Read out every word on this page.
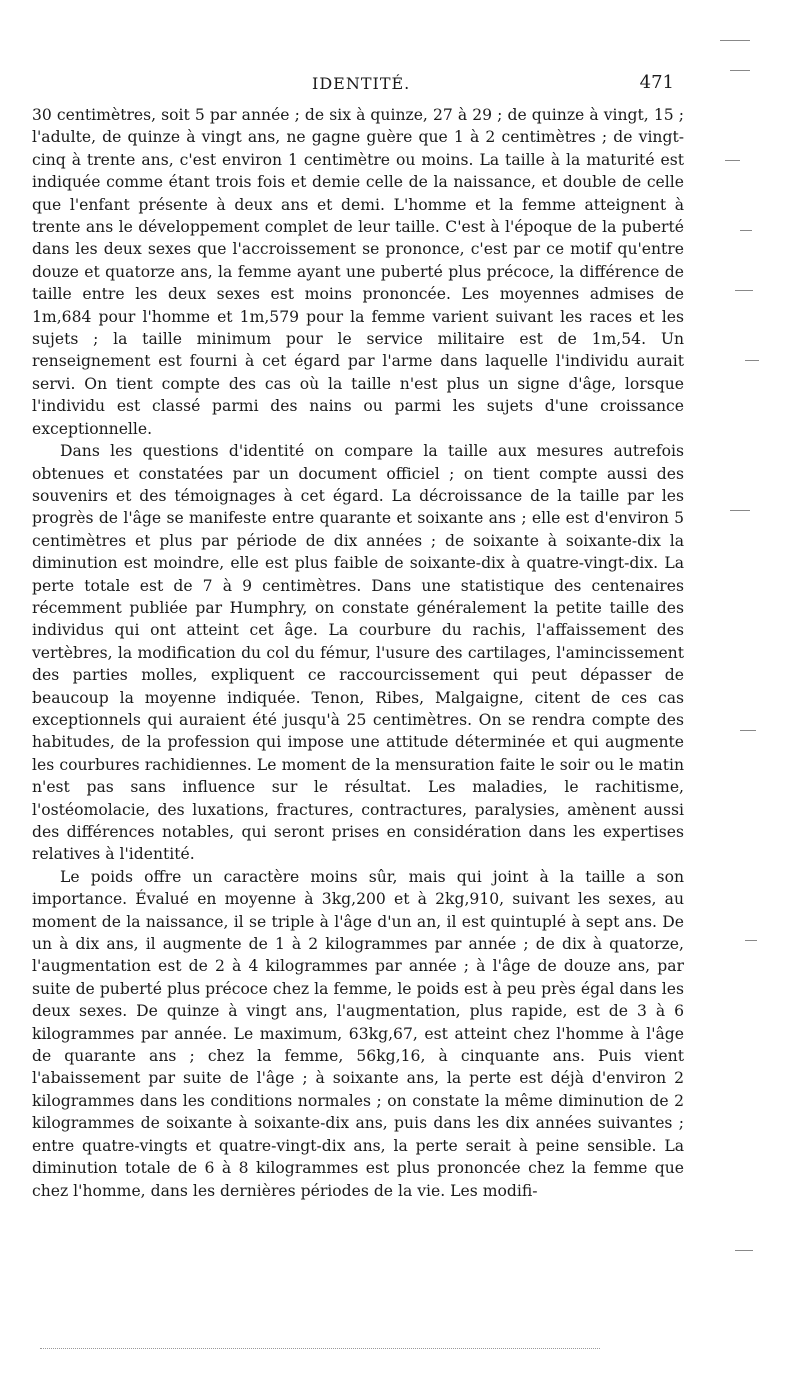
IDENTITÉ.	471

30 centimètres, soit 5 par année ; de six à quinze, 27 à 29 ; de quinze à vingt, 15 ; l'adulte, de quinze à vingt ans, ne gagne guère que 1 à 2 centimètres ; de vingt-cinq à trente ans, c'est environ 1 centimètre ou moins. La taille à la maturité est indiquée comme étant trois fois et demie celle de la naissance, et double de celle que l'enfant présente à deux ans et demi. L'homme et la femme atteignent à trente ans le développement complet de leur taille. C'est à l'époque de la puberté dans les deux sexes que l'accroissement se prononce, c'est par ce motif qu'entre douze et quatorze ans, la femme ayant une puberté plus précoce, la différence de taille entre les deux sexes est moins prononcée. Les moyennes admises de 1m,684 pour l'homme et 1m,579 pour la femme varient suivant les races et les sujets ; la taille minimum pour le service militaire est de 1m,54. Un renseignement est fourni à cet égard par l'arme dans laquelle l'individu aurait servi. On tient compte des cas où la taille n'est plus un signe d'âge, lorsque l'individu est classé parmi des nains ou parmi les sujets d'une croissance exceptionnelle.

Dans les questions d'identité on compare la taille aux mesures autrefois obtenues et constatées par un document officiel ; on tient compte aussi des souvenirs et des témoignages à cet égard. La décroissance de la taille par les progrès de l'âge se manifeste entre quarante et soixante ans ; elle est d'environ 5 centimètres et plus par période de dix années ; de soixante à soixante-dix la diminution est moindre, elle est plus faible de soixante-dix à quatre-vingt-dix. La perte totale est de 7 à 9 centimètres. Dans une statistique des centenaires récemment publiée par Humphry, on constate généralement la petite taille des individus qui ont atteint cet âge. La courbure du rachis, l'affaissement des vertèbres, la modification du col du fémur, l'usure des cartilages, l'amincissement des parties molles, expliquent ce raccourcissement qui peut dépasser de beaucoup la moyenne indiquée. Tenon, Ribes, Malgaigne, citent de ces cas exceptionnels qui auraient été jusqu'à 25 centimètres. On se rendra compte des habitudes, de la profession qui impose une attitude déterminée et qui augmente les courbures rachidiennes. Le moment de la mensuration faite le soir ou le matin n'est pas sans influence sur le résultat. Les maladies, le rachitisme, l'ostéomolacie, des luxations, fractures, contractures, paralysies, amènent aussi des différences notables, qui seront prises en considération dans les expertises relatives à l'identité.

Le poids offre un caractère moins sûr, mais qui joint à la taille a son importance. Évalué en moyenne à 3kg,200 et à 2kg,910, suivant les sexes, au moment de la naissance, il se triple à l'âge d'un an, il est quintuplé à sept ans. De un à dix ans, il augmente de 1 à 2 kilogrammes par année ; de dix à quatorze, l'augmentation est de 2 à 4 kilogrammes par année ; à l'âge de douze ans, par suite de puberté plus précoce chez la femme, le poids est à peu près égal dans les deux sexes. De quinze à vingt ans, l'augmentation, plus rapide, est de 3 à 6 kilogrammes par année. Le maximum, 63kg,67, est atteint chez l'homme à l'âge de quarante ans ; chez la femme, 56kg,16, à cinquante ans. Puis vient l'abaissement par suite de l'âge ; à soixante ans, la perte est déjà d'environ 2 kilogrammes dans les conditions normales ; on constate la même diminution de 2 kilogrammes de soixante à soixante-dix ans, puis dans les dix années suivantes ; entre quatre-vingts et quatre-vingt-dix ans, la perte serait à peine sensible. La diminution totale de 6 à 8 kilogrammes est plus prononcée chez la femme que chez l'homme, dans les dernières périodes de la vie. Les modifi-
